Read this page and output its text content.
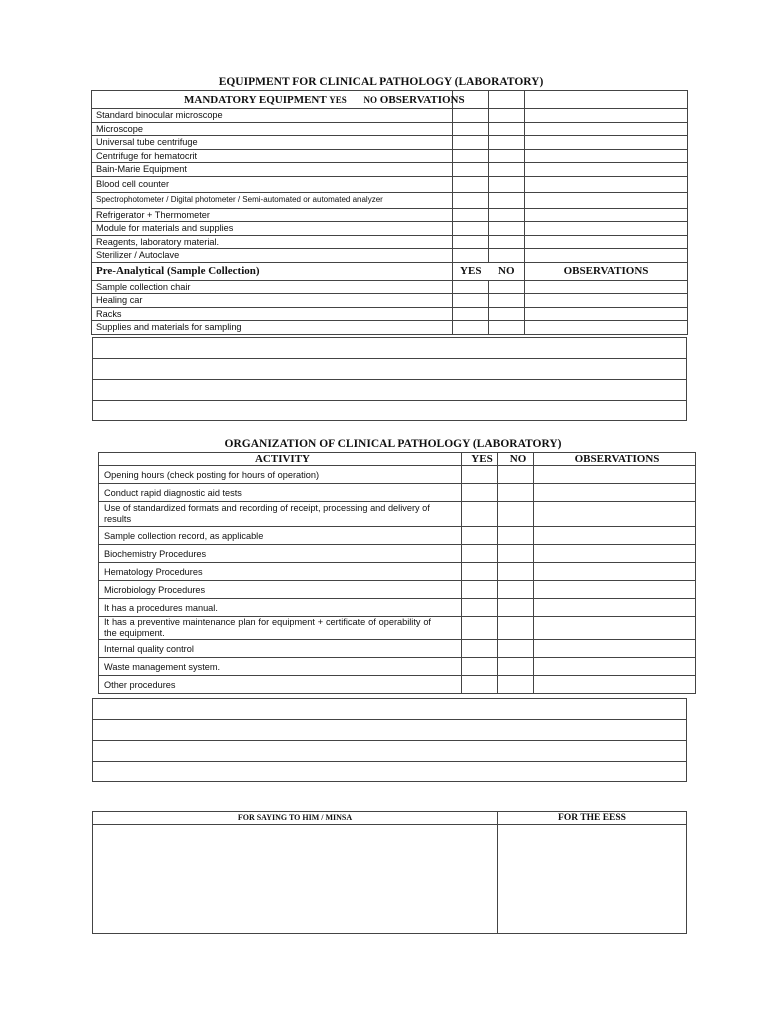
EQUIPMENT FOR CLINICAL PATHOLOGY (LABORATORY)
MANDATORY EQUIPMENT YES NO OBSERVATIONS			
Standard binocular microscope			
Microscope			
Universal tube centrifuge			
Centrifuge for hematocrit			
Bain-Marie Equipment			
Blood cell counter			
Spectrophotometer / Digital photometer / Semi-automated or automated analyzer			
Refrigerator + Thermometer			
Module for materials and supplies			
Reagents, laboratory material.			
Sterilizer / Autoclave			
Pre-Analytical (Sample Collection)	YES	NO	OBSERVATIONS
Sample collection chair			
Healing car			
Racks			
Supplies and materials for sampling			
ORGANIZATION OF CLINICAL PATHOLOGY (LABORATORY)
ACTIVITY	YES	NO	OBSERVATIONS
Opening hours (check posting for hours of operation)			
Conduct rapid diagnostic aid tests			
Use of standardized formats and recording of receipt, processing and delivery of results			
Sample collection record, as applicable			
Biochemistry Procedures			
Hematology Procedures			
Microbiology Procedures			
It has a procedures manual.			
It has a preventive maintenance plan for equipment + certificate of operability of the equipment.			
Internal quality control			
Waste management system.			
Other procedures			
FOR SAYING TO HIM / MINSA	FOR THE EESS
